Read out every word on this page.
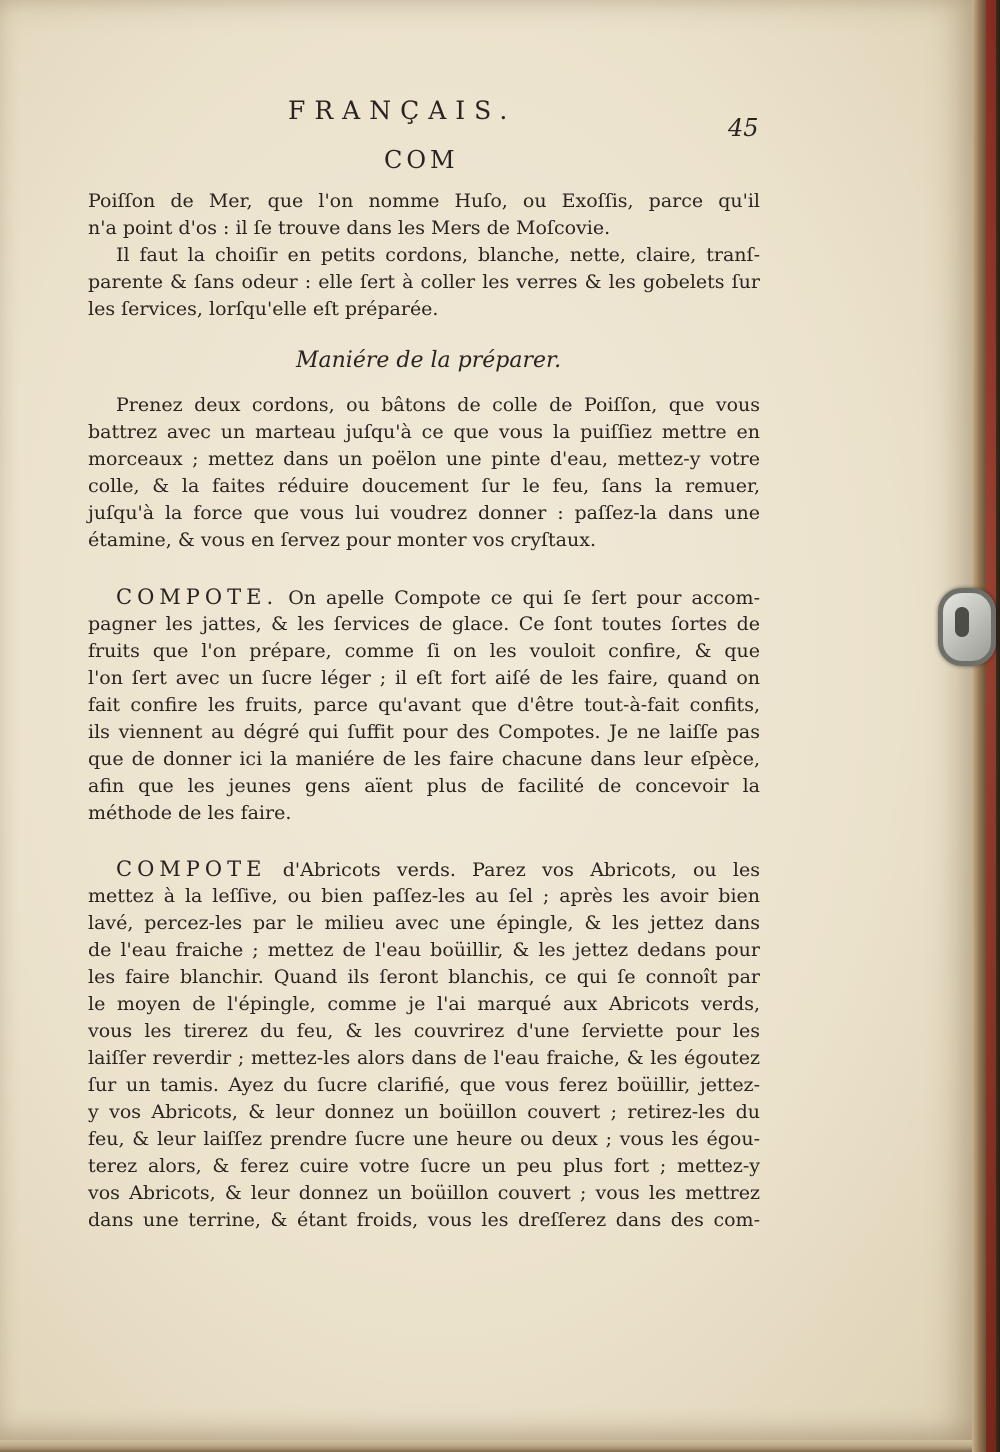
FRANÇAIS.
45
COM
Poiſſon de Mer, que l'on nomme Huſo, ou Exoſſis, parce qu'il
n'a point d'os : il ſe trouve dans les Mers de Moſcovie.
Il faut la choiſir en petits cordons, blanche, nette, claire, tranſ-
parente & ſans odeur : elle ſert à coller les verres & les gobelets ſur
les ſervices, lorſqu'elle eſt préparée.
Maniére de la préparer.
Prenez deux cordons, ou bâtons de colle de Poiſſon, que vous
battrez avec un marteau juſqu'à ce que vous la puiſſiez mettre en
morceaux ; mettez dans un poëlon une pinte d'eau, mettez-y votre
colle, & la faites réduire doucement ſur le feu, ſans la remuer,
juſqu'à la force que vous lui voudrez donner : paſſez-la dans une
étamine, & vous en ſervez pour monter vos cryſtaux.
COMPOTE. On apelle Compote ce qui ſe ſert pour accom-
pagner les jattes, & les ſervices de glace. Ce ſont toutes ſortes de
fruits que l'on prépare, comme ſi on les vouloit confire, & que
l'on ſert avec un ſucre léger ; il eſt fort aiſé de les faire, quand on
fait confire les fruits, parce qu'avant que d'être tout-à-fait confits,
ils viennent au dégré qui ſuffit pour des Compotes. Je ne laiſſe pas
que de donner ici la maniére de les faire chacune dans leur eſpèce,
afin que les jeunes gens aïent plus de facilité de concevoir la
méthode de les faire.
COMPOTE d'Abricots verds. Parez vos Abricots, ou les
mettez à la leſſive, ou bien paſſez-les au ſel ; après les avoir bien
lavé, percez-les par le milieu avec une épingle, & les jettez dans
de l'eau fraiche ; mettez de l'eau boüillir, & les jettez dedans pour
les faire blanchir. Quand ils ſeront blanchis, ce qui ſe connoît par
le moyen de l'épingle, comme je l'ai marqué aux Abricots verds,
vous les tirerez du feu, & les couvrirez d'une ſerviette pour les
laiſſer reverdir ; mettez-les alors dans de l'eau fraiche, & les égoutez
ſur un tamis. Ayez du ſucre clarifié, que vous ferez boüillir, jettez-
y vos Abricots, & leur donnez un boüillon couvert ; retirez-les du
feu, & leur laiſſez prendre ſucre une heure ou deux ; vous les égou-
terez alors, & ferez cuire votre ſucre un peu plus fort ; mettez-y
vos Abricots, & leur donnez un boüillon couvert ; vous les mettrez
dans une terrine, & étant froids, vous les dreſſerez dans des com-
